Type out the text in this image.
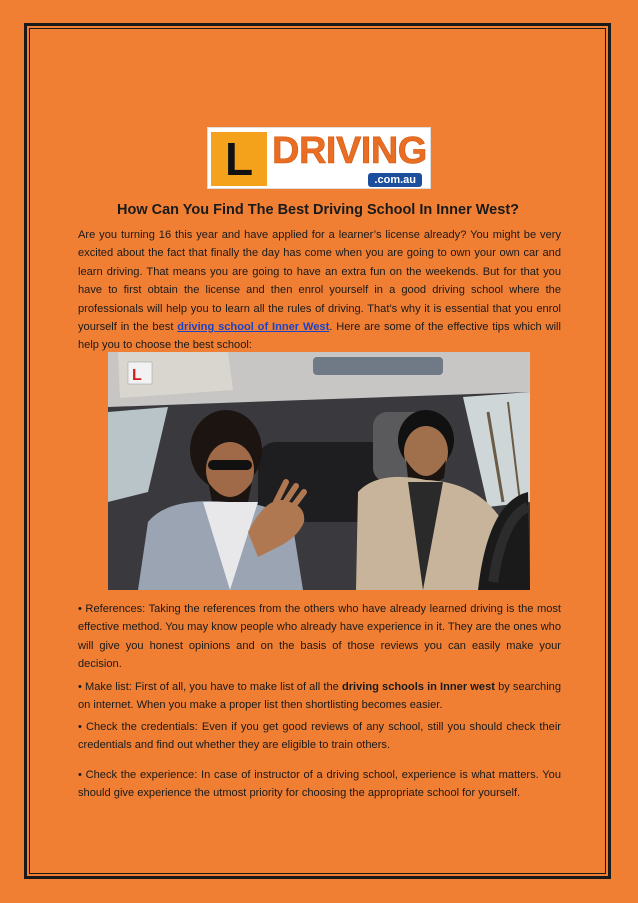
L DRIVING
.com.au
How Can You Find The Best Driving School In Inner West?

Are you turning 16 this year and have applied for a learner’s license already? You might be very excited about the fact that finally the day has come when you are going to own your own car and learn driving. That means you are going to have an extra fun on the weekends. But for that you have to first obtain the license and then enrol yourself in a good driving school where the professionals will help you to learn all the rules of driving. That’s why it is essential that you enrol yourself in the best driving school of Inner West. Here are some of the effective tips which will help you to choose the best school:

L

• References: Taking the references from the others who have already learned driving is the most effective method. You may know people who already have experience in it. They are the ones who will give you honest opinions and on the basis of those reviews you can easily make your decision.

• Make list: First of all, you have to make list of all the driving schools in Inner west by searching on internet. When you make a proper list then shortlisting becomes easier.

• Check the credentials: Even if you get good reviews of any school, still you should check their credentials and find out whether they are eligible to train others.

• Check the experience: In case of instructor of a driving school, experience is what matters. You should give experience the utmost priority for choosing the appropriate school for yourself.
